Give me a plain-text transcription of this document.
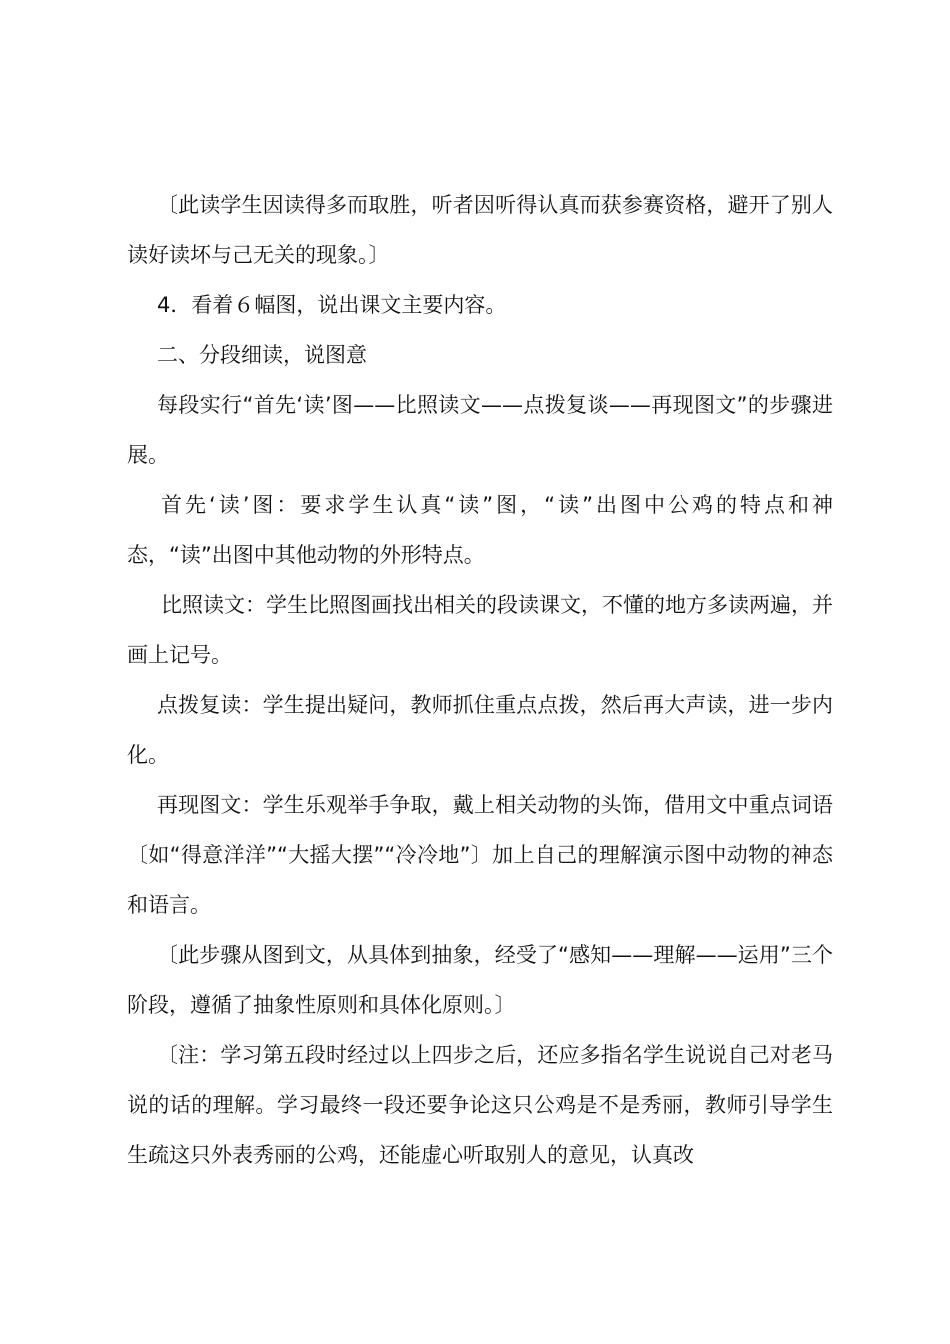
〔此读学生因读得多而取胜，听者因听得认真而获参赛资格，避开了别人读好读坏与己无关的现象。〕

4．看着６幅图，说出课文主要内容。

二、分段细读，说图意

每段实行“首先‘读’图——比照读文——点拨复谈——再现图文”的步骤进展。

首先‘读’图：要求学生认真“读”图，“读”出图中公鸡的特点和神态，“读”出图中其他动物的外形特点。

比照读文：学生比照图画找出相关的段读课文，不懂的地方多读两遍，并画上记号。

点拨复读：学生提出疑问，教师抓住重点点拨，然后再大声读，进一步内化。

再现图文：学生乐观举手争取，戴上相关动物的头饰，借用文中重点词语〔如“得意洋洋”“大摇大摆”“冷冷地”〕加上自己的理解演示图中动物的神态和语言。

〔此步骤从图到文，从具体到抽象，经受了“感知——理解——运用”三个阶段，遵循了抽象性原则和具体化原则。〕

〔注：学习第五段时经过以上四步之后，还应多指名学生说说自己对老马说的话的理解。学习最终一段还要争论这只公鸡是不是秀丽，教师引导学生生疏这只外表秀丽的公鸡，还能虚心听取别人的意见，认真改
